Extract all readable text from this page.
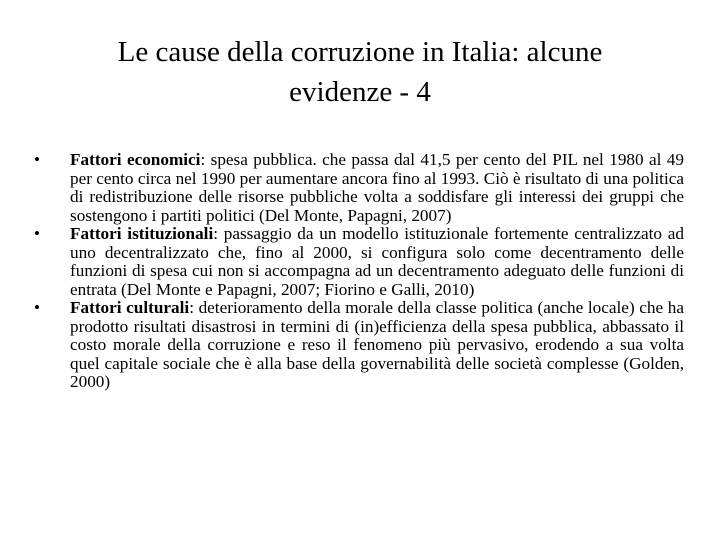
Le cause della corruzione in Italia: alcune
evidenze - 4
• Fattori economici: spesa pubblica. che passa dal 41,5 per cento del PIL nel 1980 al 49 per cento circa nel 1990 per aumentare ancora fino al 1993. Ciò è risultato di una politica di redistribuzione delle risorse pubbliche volta a soddisfare gli interessi dei gruppi che sostengono i partiti politici (Del Monte, Papagni, 2007)
• Fattori istituzionali: passaggio da un modello istituzionale fortemente centralizzato ad uno decentralizzato che, fino al 2000, si configura solo come decentramento delle funzioni di spesa cui non si accompagna ad un decentramento adeguato delle funzioni di entrata (Del Monte e Papagni, 2007; Fiorino e Galli, 2010)
• Fattori culturali: deterioramento della morale della classe politica (anche locale) che ha prodotto risultati disastrosi in termini di (in)efficienza della spesa pubblica, abbassato il costo morale della corruzione e reso il fenomeno più pervasivo, erodendo a sua volta quel capitale sociale che è alla base della governabilità delle società complesse (Golden, 2000)
